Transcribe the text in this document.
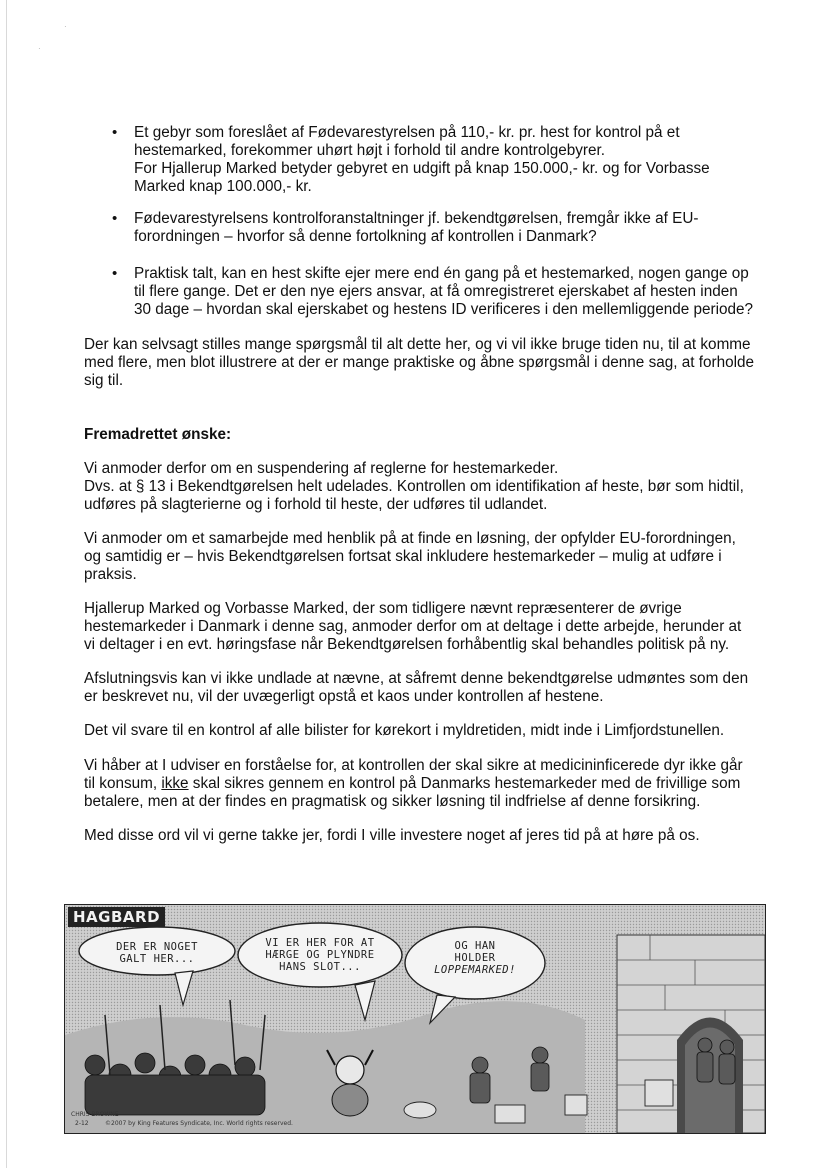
·
·
• Et gebyr som foreslået af Fødevarestyrelsen på 110,- kr. pr. hest for kontrol på et
hestemarked, forekommer uhørt højt i forhold til andre kontrolgebyrer.
For Hjallerup Marked betyder gebyret en udgift på knap 150.000,- kr. og for Vorbasse
Marked knap 100.000,- kr.
• Fødevarestyrelsens kontrolforanstaltninger jf. bekendtgørelsen, fremgår ikke af EU-
forordningen – hvorfor så denne fortolkning af kontrollen i Danmark?
• Praktisk talt, kan en hest skifte ejer mere end én gang på et hestemarked, nogen gange op
til flere gange. Det er den nye ejers ansvar, at få omregistreret ejerskabet af hesten inden
30 dage – hvordan skal ejerskabet og hestens ID verificeres i den mellemliggende periode?
Der kan selvsagt stilles mange spørgsmål til alt dette her, og vi vil ikke bruge tiden nu, til at komme
med flere, men blot illustrere at der er mange praktiske og åbne spørgsmål i denne sag, at forholde
sig til.
Fremadrettet ønske:
Vi anmoder derfor om en suspendering af reglerne for hestemarkeder.
Dvs. at § 13 i Bekendtgørelsen helt udelades. Kontrollen om identifikation af heste, bør som hidtil,
udføres på slagterierne og i forhold til heste, der udføres til udlandet.
Vi anmoder om et samarbejde med henblik på at finde en løsning, der opfylder EU-forordningen,
og samtidig er – hvis Bekendtgørelsen fortsat skal inkludere hestemarkeder – mulig at udføre i
praksis.
Hjallerup Marked og Vorbasse Marked, der som tidligere nævnt repræsenterer de øvrige
hestemarkeder i Danmark i denne sag, anmoder derfor om at deltage i dette arbejde, herunder at
vi deltager i en evt. høringsfase når Bekendtgørelsen forhåbentlig skal behandles politisk på ny.
Afslutningsvis kan vi ikke undlade at nævne, at såfremt denne bekendtgørelse udmøntes som den
er beskrevet nu, vil der uvægerligt opstå et kaos under kontrollen af hestene.
Det vil svare til en kontrol af alle bilister for kørekort i myldretiden, midt inde i Limfjordstunellen.
Vi håber at I udviser en forståelse for, at kontrollen der skal sikre at medicininficerede dyr ikke går
til konsum, ikke skal sikres gennem en kontrol på Danmarks hestemarkeder med de frivillige som
betalere, men at der findes en pragmatisk og sikker løsning til indfrielse af denne forsikring.
Med disse ord vil vi gerne takke jer, fordi I ville investere noget af jeres tid på at høre på os.
HAGBARD
DER ER NOGET
GALT HER...
VI ER HER FOR AT
HÆRGE OG PLYNDRE
HANS SLOT...
OG HAN
HOLDER
LOPPEMARKED!
CHRIS BROWNE
2-12	©2007 by King Features Syndicate, Inc. World rights reserved.
